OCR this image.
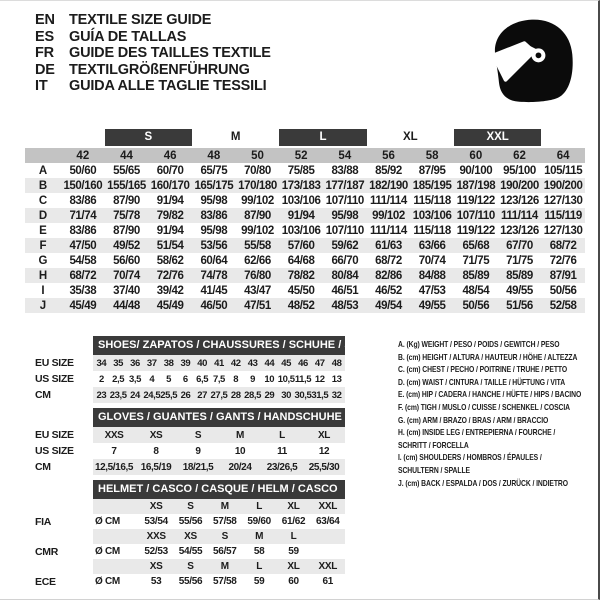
EN TEXTILE SIZE GUIDE
ES	GUÍA DE TALLAS
FR	GUIDE DES TAILLES TEXTILE
DE TEXTILGRÖßENFÜHRUNG
IT	GUIDA ALLE TAGLIE TESSILI
S	M	L	XL	XXL
42	44	46	48	50	52	54	56	58	60	62	64
A	50/60	55/65	60/70	65/75	70/80	75/85	83/88	85/92	87/95	90/100 95/100 105/115
B	150/160 155/165 160/170 165/175 170/180 173/183 177/187 182/190 185/195 187/198 190/200 190/200
C	83/86	87/90	91/94	95/98	99/102 103/106 107/110 111/114 115/118 119/122 123/126 127/130
D	71/74	75/78	79/82	83/86	87/90	91/94	95/98	99/102 103/106 107/110 111/114 115/119
E	83/86	87/90	91/94	95/98	99/102 103/106 107/110 111/114 115/118 119/122 123/126 127/130
F	47/50	49/52	51/54	53/56	55/58	57/60	59/62	61/63	63/66	65/68	67/70	68/72
G	54/58	56/60	58/62	60/64	62/66	64/68	66/70	68/72	70/74	71/75	71/75	72/76
H	68/72	70/74	72/76	74/78	76/80	78/82	80/84	82/86	84/88	85/89	85/89	87/91
I	35/38	37/40	39/42	41/45	43/47	45/50	46/51	46/52	47/53	48/54	49/55	50/56
J	45/49	44/48	45/49	46/50	47/51	48/52	48/53	49/54	49/55	50/56	51/56	52/58
SHOES/ ZAPATOS / CHAUSSURES / SCHUHE / SCARPE
EU SIZE	34 35 36 37 38 39 40 41 42 43 44 45 46 47 48
US SIZE	2 2,5 3,5 4	5	6 6,5 7,5 8	9 10 10,5 11,5 12 13
CM	23 23,5 24 24,5 25,5 26 27 27,5 28 28,5 29 30 30,5 31,5 32
GLOVES / GUANTES / GANTS / HANDSCHUHE / GUANTI
EU SIZE	XXS	XS	S	M	L	XL
US SIZE	7	8	9	10	11	12
CM	12,5/16,5 16,5/19	18/21,5	20/24	23/26,5	25,5/30
HELMET / CASCO / CASQUE / HELM / CASCO
XS	S	M	L	XL	XXL
FIA	Ø CM	53/54	55/56	57/58	59/60	61/62	63/64
XXS	XS	S	M	L
CMR	Ø CM	52/53	54/55	56/57	58	59
XS	S	M	L	XL	XXL
ECE	Ø CM	53	55/56	57/58	59	60	61
A. (Kg) WEIGHT / PESO / POIDS / GEWITCH / PESO
B. (cm) HEIGHT / ALTURA / HAUTEUR / HÖHE / ALTEZZA
C. (cm) CHEST / PECHO / POITRINE / TRUHE / PETTO
D. (cm) WAIST / CINTURA / TAILLE / HÜFTUNG / VITA
E. (cm) HIP / CADERA / HANCHE / HÜFTE / HIPS / BACINO
F. (cm) TIGH / MUSLO / CUISSE / SCHENKEL / COSCIA
G. (cm) ARM / BRAZO / BRAS / ARM / BRACCIO
H. (cm) INSIDE LEG / ENTREPIERNA / FOURCHE /
SCHRITT / FORCELLA
I. (cm) SHOULDERS / HOMBROS / ÉPAULES /
SCHULTERN / SPALLE
J. (cm) BACK / ESPALDA / DOS / ZURÜCK / INDIETRO
